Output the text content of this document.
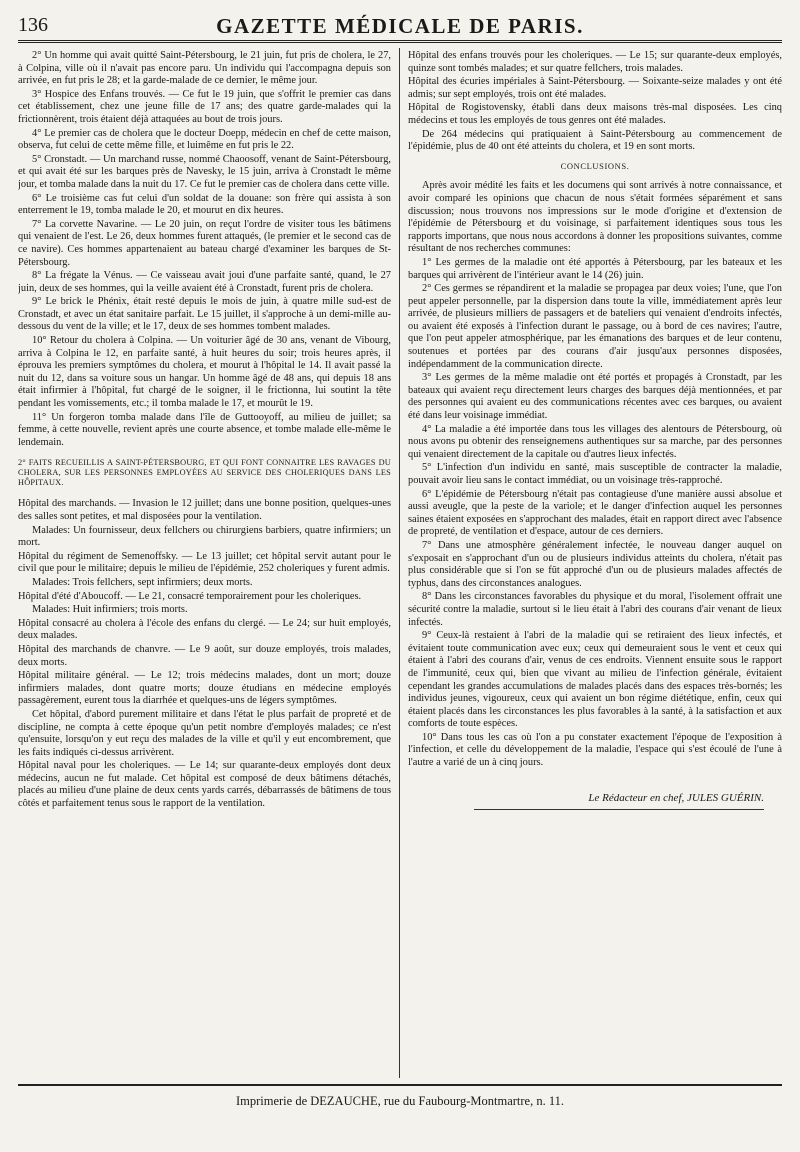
136	GAZETTE MÉDICALE DE PARIS.

2° Un homme qui avait quitté Saint-Pétersbourg, le 21 juin, fut pris de cholera, le 27, à Colpina, ville où il n'avait pas encore paru. Un individu qui l'accompagna depuis son arrivée, en fut pris le 28; et la garde-malade de ce dernier, le même jour.

3° Hospice des Enfans trouvés. — Ce fut le 19 juin, que s'offrit le premier cas dans cet établissement, chez une jeune fille de 17 ans; des quatre garde-malades qui la frictionnèrent, trois étaient déjà attaquées au bout de trois jours.

4° Le premier cas de cholera que le docteur Doepp, médecin en chef de cette maison, observa, fut celui de cette même fille, et luimême en fut pris le 22.

5° Cronstadt. — Un marchand russe, nommé Chaoosoff, venant de Saint-Pétersbourg, et qui avait été sur les barques près de Navesky, le 15 juin, arriva à Cronstadt le même jour, et tomba malade dans la nuit du 17. Ce fut le premier cas de cholera dans cette ville.

6° Le troisième cas fut celui d'un soldat de la douane: son frère qui assista à son enterrement le 19, tomba malade le 20, et mourut en dix heures.

7° La corvette Navarine. — Le 20 juin, on reçut l'ordre de visiter tous les bâtimens qui venaient de l'est. Le 26, deux hommes furent attaqués, (le premier et le second cas de ce navire). Ces hommes appartenaient au bateau chargé d'examiner les barques de St-Pétersbourg.

8° La frégate la Vénus. — Ce vaisseau avait joui d'une parfaite santé, quand, le 27 juin, deux de ses hommes, qui la veille avaient été à Cronstadt, furent pris de cholera.

9° Le brick le Phénix, était resté depuis le mois de juin, à quatre mille sud-est de Cronstadt, et avec un état sanitaire parfait. Le 15 juillet, il s'approche à un demi-mille au-dessous du vent de la ville; et le 17, deux de ses hommes tombent malades.

10° Retour du cholera à Colpina. — Un voiturier âgé de 30 ans, venant de Vibourg, arriva à Colpina le 12, en parfaite santé, à huit heures du soir; trois heures après, il éprouva les premiers symptômes du cholera, et mourut à l'hôpital le 14. Il avait passé la nuit du 12, dans sa voiture sous un hangar. Un homme âgé de 48 ans, qui depuis 18 ans était infirmier à l'hôpital, fut chargé de le soigner, il le frictionna, lui soutint la tête pendant les vomissements, etc.; il tomba malade le 17, et mourût le 19.

11° Un forgeron tomba malade dans l'île de Guttooyoff, au milieu de juillet; sa femme, à cette nouvelle, revient après une courte absence, et tombe malade elle-même le lendemain.

2° FAITS RECUEILLIS A SAINT-PÉTERSBOURG, ET QUI FONT CONNAITRE LES RAVAGES DU CHOLERA, SUR LES PERSONNES EMPLOYÉES AU SERVICE DES CHOLERIQUES DANS LES HÔPITAUX.

Hôpital des marchands. — Invasion le 12 juillet; dans une bonne position, quelques-unes des salles sont petites, et mal disposées pour la ventilation.

Malades: Un fournisseur, deux fellchers ou chirurgiens barbiers, quatre infirmiers; un mort.

Hôpital du régiment de Semenoffsky. — Le 13 juillet; cet hôpital servit autant pour le civil que pour le militaire; depuis le milieu de l'épidémie, 252 choleriques y furent admis.

Malades: Trois fellchers, sept infirmiers; deux morts.

Hôpital d'été d'Aboucoff. — Le 21, consacré temporairement pour les choleriques.

Malades: Huit infirmiers; trois morts.

Hôpital consacré au cholera à l'école des enfans du clergé. — Le 24; sur huit employés, deux malades.

Hôpital des marchands de chanvre. — Le 9 août, sur douze employés, trois malades, deux morts.

Hôpital militaire général. — Le 12; trois médecins malades, dont un mort; douze infirmiers malades, dont quatre morts; douze étudians en médecine employés passagèrement, eurent tous la diarrhée et quelques-uns de légers symptômes.

Cet hôpital, d'abord purement militaire et dans l'état le plus parfait de propreté et de discipline, ne compta à cette époque qu'un petit nombre d'employés malades; ce n'est qu'ensuite, lorsqu'on y eut reçu des malades de la ville et qu'il y eut encombrement, que les faits indiqués ci-dessus arrivèrent.

Hôpital naval pour les choleriques. — Le 14; sur quarante-deux employés dont deux médecins, aucun ne fut malade. Cet hôpital est composé de deux bâtimens détachés, placés au milieu d'une plaine de deux cents yards carrés, débarrassés de bâtimens de tous côtés et parfaitement tenus sous le rapport de la ventilation.

Hôpital des enfans trouvés pour les choleriques. — Le 15; sur quarante-deux employés, quinze sont tombés malades; et sur quatre fellchers, trois malades.

Hôpital des écuries impériales à Saint-Pétersbourg. — Soixante-seize malades y ont été admis; sur sept employés, trois ont été malades.

Hôpital de Rogistovensky, établi dans deux maisons très-mal disposées. Les cinq médecins et tous les employés de tous genres ont été malades.

De 264 médecins qui pratiquaient à Saint-Pétersbourg au commencement de l'épidémie, plus de 40 ont été atteints du cholera, et 19 en sont morts.

CONCLUSIONS.

Après avoir médité les faits et les documens qui sont arrivés à notre connaissance, et avoir comparé les opinions que chacun de nous s'était formées séparément et sans discussion; nous trouvons nos impressions sur le mode d'origine et d'extension de l'épidémie de Pétersbourg et du voisinage, si parfaitement identiques sous tous les rapports importans, que nous nous accordons à donner les propositions suivantes, comme résultant de nos recherches communes:

1° Les germes de la maladie ont été apportés à Pétersbourg, par les bateaux et les barques qui arrivèrent de l'intérieur avant le 14 (26) juin.

2° Ces germes se répandirent et la maladie se propagea par deux voies; l'une, que l'on peut appeler personnelle, par la dispersion dans toute la ville, immédiatement après leur arrivée, de plusieurs milliers de passagers et de bateliers qui venaient d'endroits infectés, ou avaient été exposés à l'infection durant le passage, ou à bord de ces navires; l'autre, que l'on peut appeler atmosphérique, par les émanations des barques et de leur contenu, soutenues et portées par des courans d'air jusqu'aux personnes disposées, indépendamment de la communication directe.

3° Les germes de la même maladie ont été portés et propagés à Cronstadt, par les bateaux qui avaient reçu directement leurs charges des barques déjà mentionnées, et par des personnes qui avaient eu des communications récentes avec ces barques, ou avaient été dans leur voisinage immédiat.

4° La maladie a été importée dans tous les villages des alentours de Pétersbourg, où nous avons pu obtenir des renseignemens authentiques sur sa marche, par des personnes qui venaient directement de la capitale ou d'autres lieux infectés.

5° L'infection d'un individu en santé, mais susceptible de contracter la maladie, pouvait avoir lieu sans le contact immédiat, ou un voisinage très-rapproché.

6° L'épidémie de Pétersbourg n'était pas contagieuse d'une manière aussi absolue et aussi aveugle, que la peste de la variole; et le danger d'infection auquel les personnes saines étaient exposées en s'approchant des malades, était en rapport direct avec l'absence de propreté, de ventilation et d'espace, autour de ces derniers.

7° Dans une atmosphère généralement infectée, le nouveau danger auquel on s'exposait en s'approchant d'un ou de plusieurs individus atteints du cholera, n'était pas plus considérable que si l'on se fût approché d'un ou de plusieurs malades affectés de typhus, dans des circonstances analogues.

8° Dans les circonstances favorables du physique et du moral, l'isolement offrait une sécurité contre la maladie, surtout si le lieu était à l'abri des courans d'air venant de lieux infectés.

9° Ceux-là restaient à l'abri de la maladie qui se retiraient des lieux infectés, et évitaient toute communication avec eux; ceux qui demeuraient sous le vent et ceux qui étaient à l'abri des courans d'air, venus de ces endroits. Viennent ensuite sous le rapport de l'immunité, ceux qui, bien que vivant au milieu de l'infection générale, évitaient cependant les grandes accumulations de malades placés dans des espaces très-bornés; les individus jeunes, vigoureux, ceux qui avaient un bon régime diététique, enfin, ceux qui étaient placés dans les circonstances les plus favorables à la santé, à la satisfaction et aux comforts de toute espèces.

10° Dans tous les cas où l'on a pu constater exactement l'époque de l'exposition à l'infection, et celle du développement de la maladie, l'espace qui s'est écoulé de l'une à l'autre a varié de un à cinq jours.

Le Rédacteur en chef, JULES GUÉRIN.
Imprimerie de DEZAUCHE, rue du Faubourg-Montmartre, n. 11.
